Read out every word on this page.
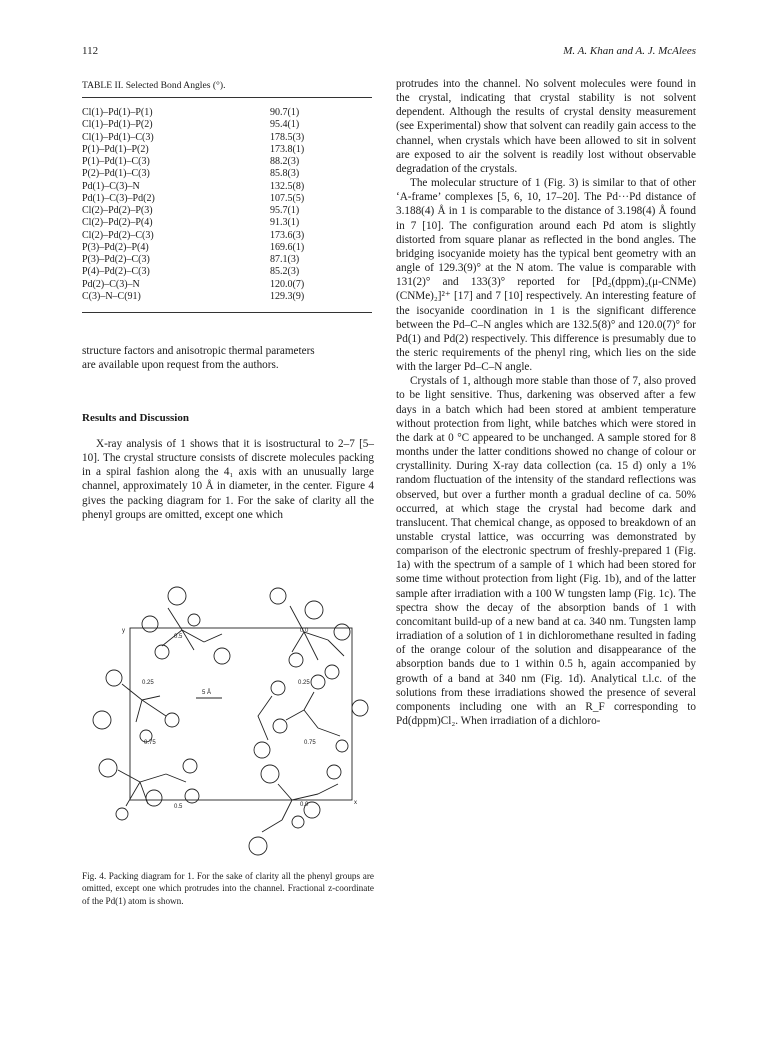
112	M. A. Khan and A. J. McAlees
TABLE II. Selected Bond Angles (°).
Cl(1)–Pd(1)–P(1)	90.7(1)
Cl(1)–Pd(1)–P(2)	95.4(1)
Cl(1)–Pd(1)–C(3)	178.5(3)
P(1)–Pd(1)–P(2)	173.8(1)
P(1)–Pd(1)–C(3)	88.2(3)
P(2)–Pd(1)–C(3)	85.8(3)
Pd(1)–C(3)–N	132.5(8)
Pd(1)–C(3)–Pd(2)	107.5(5)
Cl(2)–Pd(2)–P(3)	95.7(1)
Cl(2)–Pd(2)–P(4)	91.3(1)
Cl(2)–Pd(2)–C(3)	173.6(3)
P(3)–Pd(2)–P(4)	169.6(1)
P(3)–Pd(2)–C(3)	87.1(3)
P(4)–Pd(2)–C(3)	85.2(3)
Pd(2)–C(3)–N	120.0(7)
C(3)–N–C(91)	129.3(9)

structure factors and anisotropic thermal parameters

are available upon request from the authors.

Results and Discussion

X-ray analysis of 1 shows that it is isostructural to 2–7 [5–10]. The crystal structure consists of discrete molecules packing in a spiral fashion along the 4₁ axis with an unusually large channel, approximately 10 Å in diameter, in the center. Figure 4 gives the packing diagram for 1. For the sake of clarity all the phenyl groups are omitted, except one which

y
x
5 Å
0.5
0.0
0.25	0.25
0.75	0.75
0.5	0.0
Fig. 4. Packing diagram for 1. For the sake of clarity all the phenyl groups are omitted, except one which protrudes into the channel. Fractional z-coordinate of the Pd(1) atom is shown.

protrudes into the channel. No solvent molecules were found in the crystal, indicating that crystal stability is not solvent dependent. Although the results of crystal density measurement (see Experimental) show that solvent can readily gain access to the channel, when crystals which have been allowed to sit in solvent are exposed to air the solvent is readily lost without observable degradation of the crystals.

The molecular structure of 1 (Fig. 3) is similar to that of other ‘A-frame’ complexes [5, 6, 10, 17–20]. The Pd···Pd distance of 3.188(4) Å in 1 is comparable to the distance of 3.198(4) Å found in 7 [10]. The configuration around each Pd atom is slightly distorted from square planar as reflected in the bond angles. The bridging isocyanide moiety has the typical bent geometry with an angle of 129.3(9)° at the N atom. The value is comparable with 131(2)° and 133(3)° reported for [Pd₂(dppm)₂(μ-CNMe)(CNMe)₂]²⁺ [17] and 7 [10] respectively. An interesting feature of the isocyanide coordination in 1 is the significant difference between the Pd–C–N angles which are 132.5(8)° and 120.0(7)° for Pd(1) and Pd(2) respectively. This difference is presumably due to the steric requirements of the phenyl ring, which lies on the side with the larger Pd–C–N angle.

Crystals of 1, although more stable than those of 7, also proved to be light sensitive. Thus, darkening was observed after a few days in a batch which had been stored at ambient temperature without protection from light, while batches which were stored in the dark at 0 °C appeared to be unchanged. A sample stored for 8 months under the latter conditions showed no change of colour or crystallinity. During X-ray data collection (ca. 15 d) only a 1% random fluctuation of the intensity of the standard reflections was observed, but over a further month a gradual decline of ca. 50% occurred, at which stage the crystal had become dark and translucent. That chemical change, as opposed to breakdown of an unstable crystal lattice, was occurring was demonstrated by comparison of the electronic spectrum of freshly-prepared 1 (Fig. 1a) with the spectrum of a sample of 1 which had been stored for some time without protection from light (Fig. 1b), and of the latter sample after irradiation with a 100 W tungsten lamp (Fig. 1c). The spectra show the decay of the absorption bands of 1 with concomitant build-up of a new band at ca. 340 nm. Tungsten lamp irradiation of a solution of 1 in dichloromethane resulted in fading of the orange colour of the solution and disappearance of the absorption bands due to 1 within 0.5 h, again accompanied by growth of a band at 340 nm (Fig. 1d). Analytical t.l.c. of the solutions from these irradiations showed the presence of several components including one with an R_F corresponding to Pd(dppm)Cl₂. When irradiation of a dichloro-
